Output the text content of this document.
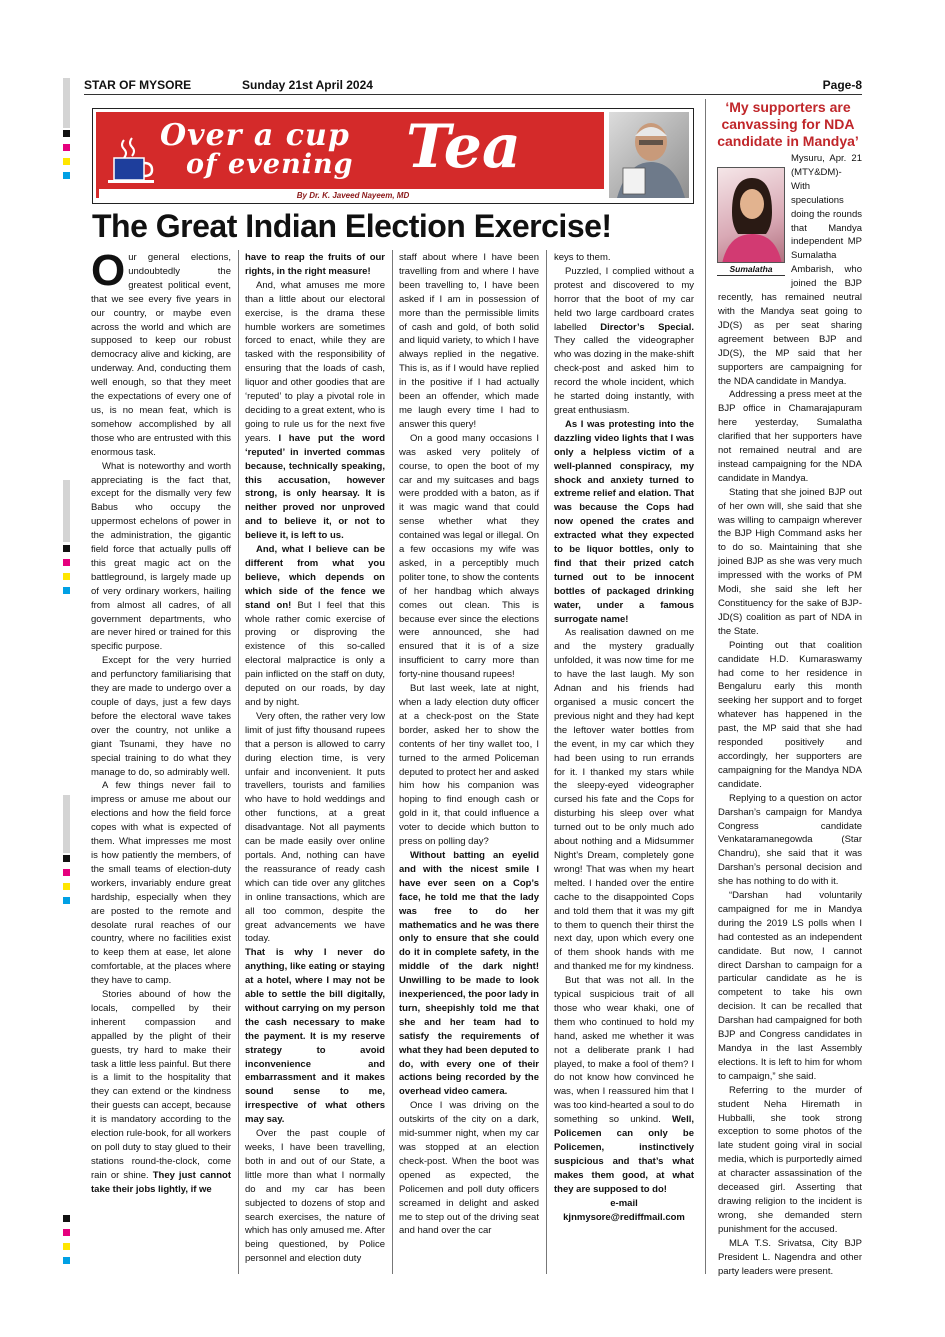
STAR OF MYSORE	Sunday 21st April 2024	Page-8
Over a cup
of evening Tea
By Dr. K. Javeed Nayeem, MD
The Great Indian Election Exercise!

Our general elections, undoubtedly the greatest political event, that we see every five years in our country, or maybe even across the world and which are supposed to keep our robust democracy alive and kicking, are underway. And, conducting them well enough, so that they meet the expectations of every one of us, is no mean feat, which is somehow accomplished by all those who are entrusted with this enormous task.

What is noteworthy and worth appreciating is the fact that, except for the dismally very few Babus who occupy the uppermost echelons of power in the administration, the gigantic field force that actually pulls off this great magic act on the battleground, is largely made up of very ordinary workers, hailing from almost all cadres, of all government departments, who are never hired or trained for this specific purpose.

Except for the very hurried and perfunctory familiarising that they are made to undergo over a couple of days, just a few days before the electoral wave takes over the country, not unlike a giant Tsunami, they have no special training to do what they manage to do, so admirably well.

A few things never fail to impress or amuse me about our elections and how the field force copes with what is expected of them. What impresses me most is how patiently the members, of the small teams of election-duty workers, invariably endure great hardship, especially when they are posted to the remote and desolate rural reaches of our country, where no facilities exist to keep them at ease, let alone comfortable, at the places where they have to camp.

Stories abound of how the locals, compelled by their inherent compassion and appalled by the plight of their guests, try hard to make their task a little less painful. But there is a limit to the hospitality that they can extend or the kindness their guests can accept, because it is mandatory according to the election rule-book, for all workers on poll duty to stay glued to their stations round-the-clock, come rain or shine. They just cannot take their jobs lightly, if we

have to reap the fruits of our rights, in the right measure!

And, what amuses me more than a little about our electoral exercise, is the drama these humble workers are sometimes forced to enact, while they are tasked with the responsibility of ensuring that the loads of cash, liquor and other goodies that are ‘reputed’ to play a pivotal role in deciding to a great extent, who is going to rule us for the next five years. I have put the word ‘reputed’ in inverted commas because, technically speaking, this accusation, however strong, is only hearsay. It is neither proved nor unproved and to believe it, or not to believe it, is left to us.

And, what I believe can be different from what you believe, which depends on which side of the fence we stand on! But I feel that this whole rather comic exercise of proving or disproving the existence of this so-called electoral malpractice is only a pain inflicted on the staff on duty, deputed on our roads, by day and by night.

Very often, the rather very low limit of just fifty thousand rupees that a person is allowed to carry during election time, is very unfair and inconvenient. It puts travellers, tourists and families who have to hold weddings and other functions, at a great disadvantage. Not all payments can be made easily over online portals. And, nothing can have the reassurance of ready cash which can tide over any glitches in online transactions, which are all too common, despite the great advancements we have today.

That is why I never do anything, like eating or staying at a hotel, where I may not be able to settle the bill digitally, without carrying on my person the cash necessary to make the payment. It is my reserve strategy to avoid inconvenience and embarrassment and it makes sound sense to me, irrespective of what others may say.

Over the past couple of weeks, I have been travelling, both in and out of our State, a little more than what I normally do and my car has been subjected to dozens of stop and search exercises, the nature of which has only amused me. After being questioned, by Police personnel and election duty

staff about where I have been travelling from and where I have been travelling to, I have been asked if I am in possession of more than the permissible limits of cash and gold, of both solid and liquid variety, to which I have always replied in the negative. This is, as if I would have replied in the positive if I had actually been an offender, which made me laugh every time I had to answer this query!

On a good many occasions I was asked very politely of course, to open the boot of my car and my suitcases and bags were prodded with a baton, as if it was magic wand that could sense whether what they contained was legal or illegal. On a few occasions my wife was asked, in a perceptibly much politer tone, to show the contents of her handbag which always comes out clean. This is because ever since the elections were announced, she had ensured that it is of a size insufficient to carry more than forty-nine thousand rupees!

But last week, late at night, when a lady election duty officer at a check-post on the State border, asked her to show the contents of her tiny wallet too, I turned to the armed Policeman deputed to protect her and asked him how his companion was hoping to find enough cash or gold in it, that could influence a voter to decide which button to press on polling day?

Without batting an eyelid and with the nicest smile I have ever seen on a Cop’s face, he told me that the lady was free to do her mathematics and he was there only to ensure that she could do it in complete safety, in the middle of the dark night! Unwilling to be made to look inexperienced, the poor lady in turn, sheepishly told me that she and her team had to satisfy the requirements of what they had been deputed to do, with every one of their actions being recorded by the overhead video camera.

Once I was driving on the outskirts of the city on a dark, mid-summer night, when my car was stopped at an election check-post. When the boot was opened as expected, the Policemen and poll duty officers screamed in delight and asked me to step out of the driving seat and hand over the car

keys to them.

Puzzled, I complied without a protest and discovered to my horror that the boot of my car held two large cardboard crates labelled Director’s Special. They called the videographer who was dozing in the make-shift check-post and asked him to record the whole incident, which he started doing instantly, with great enthusiasm.

As I was protesting into the dazzling video lights that I was only a helpless victim of a well-planned conspiracy, my shock and anxiety turned to extreme relief and elation. That was because the Cops had now opened the crates and extracted what they expected to be liquor bottles, only to find that their prized catch turned out to be innocent bottles of packaged drinking water, under a famous surrogate name!

As realisation dawned on me and the mystery gradually unfolded, it was now time for me to have the last laugh. My son Adnan and his friends had organised a music concert the previous night and they had kept the leftover water bottles from the event, in my car which they had been using to run errands for it. I thanked my stars while the sleepy-eyed videographer cursed his fate and the Cops for disturbing his sleep over what turned out to be only much ado about nothing and a Midsummer Night’s Dream, completely gone wrong! That was when my heart melted. I handed over the entire cache to the disappointed Cops and told them that it was my gift to them to quench their thirst the next day, upon which every one of them shook hands with me and thanked me for my kindness.

But that was not all. In the typical suspicious trait of all those who wear khaki, one of them who continued to hold my hand, asked me whether it was not a deliberate prank I had played, to make a fool of them? I do not know how convinced he was, when I reassured him that I was too kind-hearted a soul to do something so unkind. Well, Policemen can only be Policemen, instinctively suspicious and that’s what makes them good, at what they are supposed to do!

e-mail

kjnmysore@rediffmail.com

‘My supporters are canvassing for NDA candidate in Mandya’
Sumalatha

Mysuru, Apr. 21 (MTY&DM)- With speculations doing the rounds that Mandya independent MP Sumalatha Ambarish, who joined the BJP recently, has remained neutral with the Mandya seat going to JD(S) as per seat sharing agreement between BJP and JD(S), the MP said that her supporters are campaigning for the NDA candidate in Mandya.

Addressing a press meet at the BJP office in Chamarajapuram here yesterday, Sumalatha clarified that her supporters have not remained neutral and are instead campaigning for the NDA candidate in Mandya.

Stating that she joined BJP out of her own will, she said that she was willing to campaign wherever the BJP High Command asks her to do so. Maintaining that she joined BJP as she was very much impressed with the works of PM Modi, she said she left her Constituency for the sake of BJP-JD(S) coalition as part of NDA in the State.

Pointing out that coalition candidate H.D. Kumaraswamy had come to her residence in Bengaluru early this month seeking her support and to forget whatever has happened in the past, the MP said that she had responded positively and accordingly, her supporters are campaigning for the Mandya NDA candidate.

Replying to a question on actor Darshan’s campaign for Mandya Congress candidate Venkataramanegowda (Star Chandru), she said that it was Darshan’s personal decision and she has nothing to do with it.

“Darshan had voluntarily campaigned for me in Mandya during the 2019 LS polls when I had contested as an independent candidate. But now, I cannot direct Darshan to campaign for a particular candidate as he is competent to take his own decision. It can be recalled that Darshan had campaigned for both BJP and Congress candidates in Mandya in the last Assembly elections. It is left to him for whom to campaign,” she said.

Referring to the murder of student Neha Hiremath in Hubballi, she took strong exception to some photos of the late student going viral in social media, which is purportedly aimed at character assassination of the deceased girl. Asserting that drawing religion to the incident is wrong, she demanded stern punishment for the accused.

MLA T.S. Srivatsa, City BJP President L. Nagendra and other party leaders were present.
